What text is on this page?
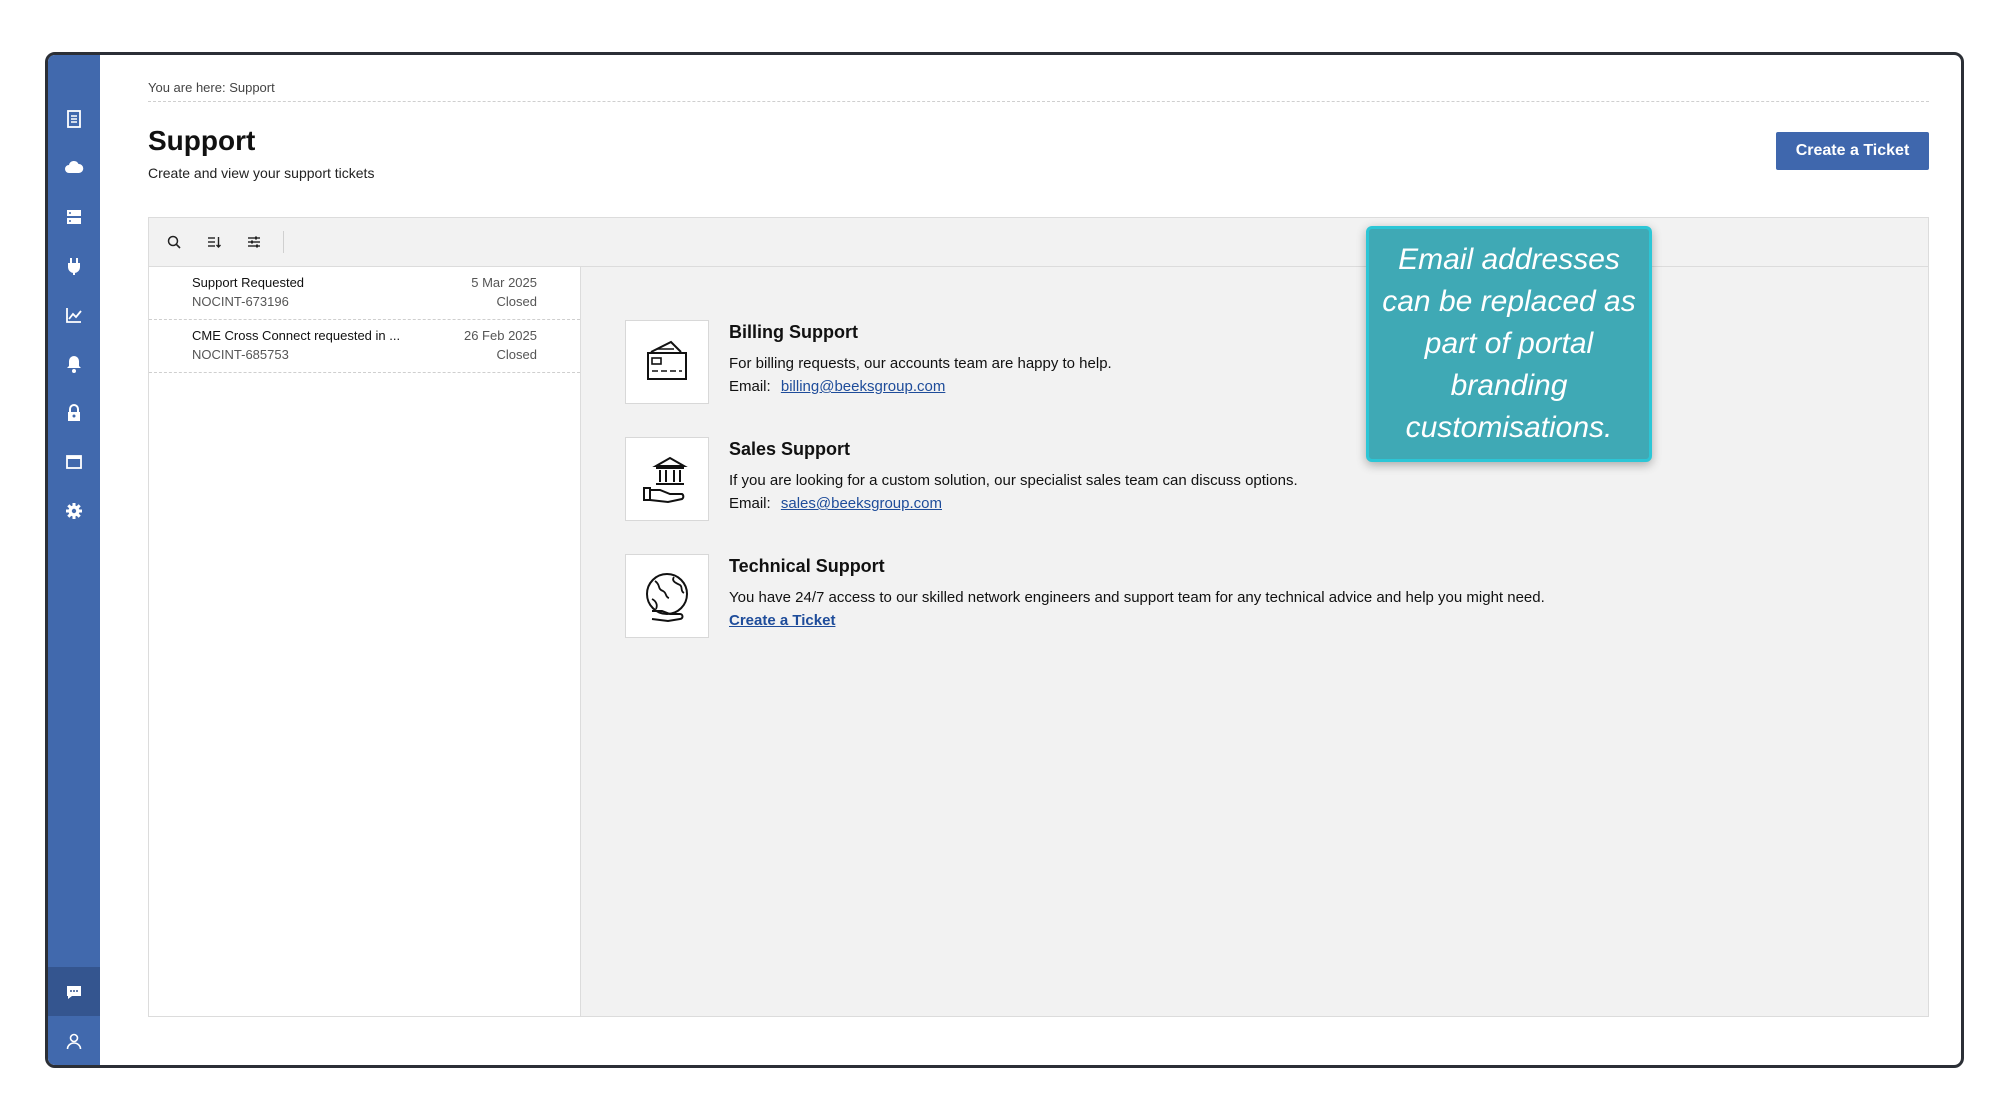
You are here: Support
Support
Create and view your support tickets
Create a Ticket
Support Requested
NOCINT-673196
5 Mar 2025
Closed
CME Cross Connect requested in ...
NOCINT-685753
26 Feb 2025
Closed
Billing Support
For billing requests, our accounts team are happy to help.
Email: billing@beeksgroup.com
Sales Support
If you are looking for a custom solution, our specialist sales team can discuss options.
Email: sales@beeksgroup.com
Technical Support
You have 24/7 access to our skilled network engineers and support team for any technical advice and help you might need.
Create a Ticket
Email addresses can be replaced as part of portal branding customisations.
